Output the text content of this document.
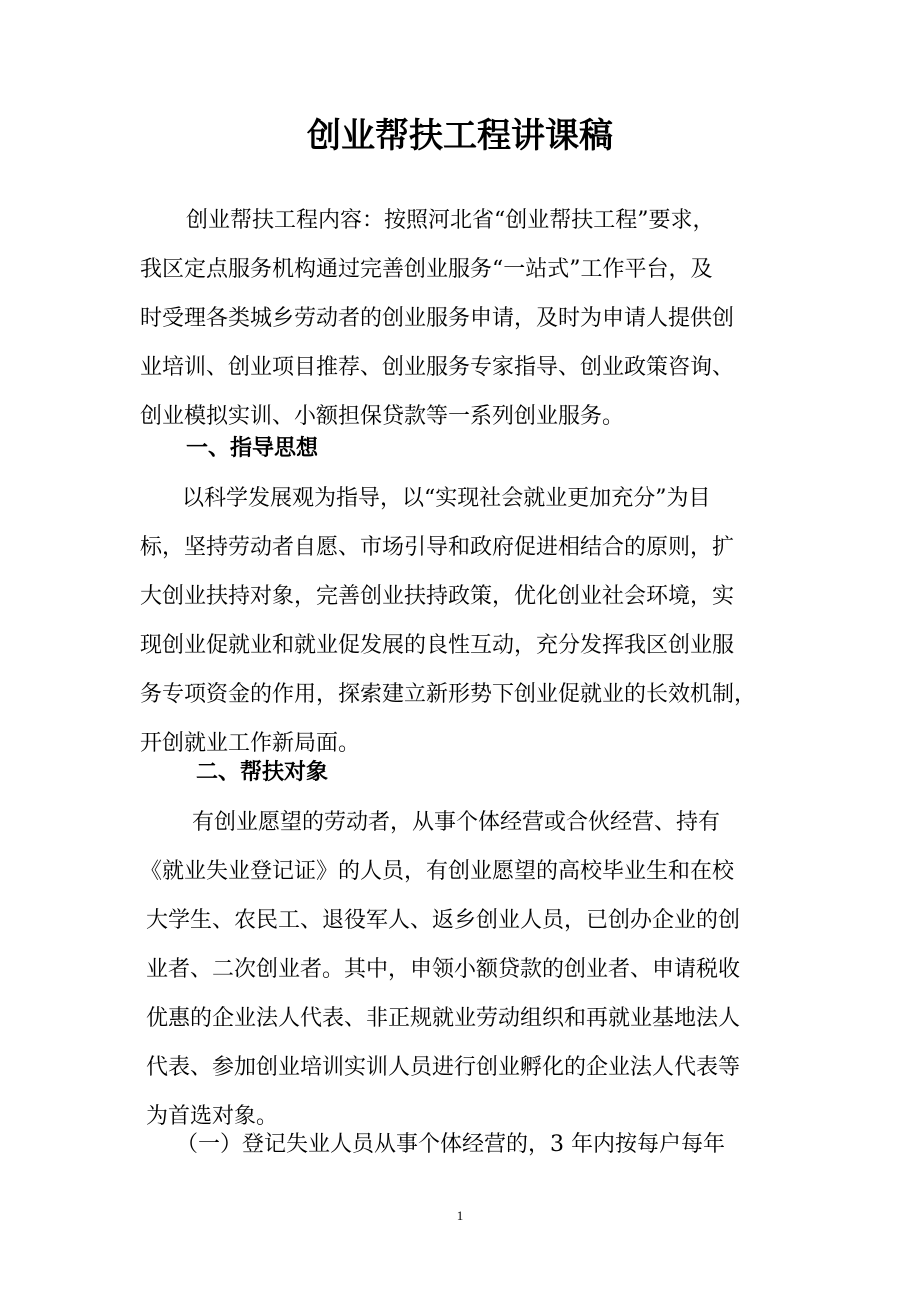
创业帮扶工程讲课稿
创业帮扶工程内容：按照河北省“创业帮扶工程”要求，
我区定点服务机构通过完善创业服务“一站式”工作平台，及
时受理各类城乡劳动者的创业服务申请，及时为申请人提供创
业培训、创业项目推荐、创业服务专家指导、创业政策咨询、
创业模拟实训、小额担保贷款等一系列创业服务。
一、指导思想
以科学发展观为指导，以“实现社会就业更加充分”为目
标，坚持劳动者自愿、市场引导和政府促进相结合的原则，扩
大创业扶持对象，完善创业扶持政策，优化创业社会环境，实
现创业促就业和就业促发展的良性互动，充分发挥我区创业服
务专项资金的作用，探索建立新形势下创业促就业的长效机制，
开创就业工作新局面。
二、帮扶对象
有创业愿望的劳动者，从事个体经营或合伙经营、持有
《就业失业登记证》的人员，有创业愿望的高校毕业生和在校
大学生、农民工、退役军人、返乡创业人员，已创办企业的创
业者、二次创业者。其中，申领小额贷款的创业者、申请税收
优惠的企业法人代表、非正规就业劳动组织和再就业基地法人
代表、参加创业培训实训人员进行创业孵化的企业法人代表等
为首选对象。
（一）登记失业人员从事个体经营的，3 年内按每户每年
1
